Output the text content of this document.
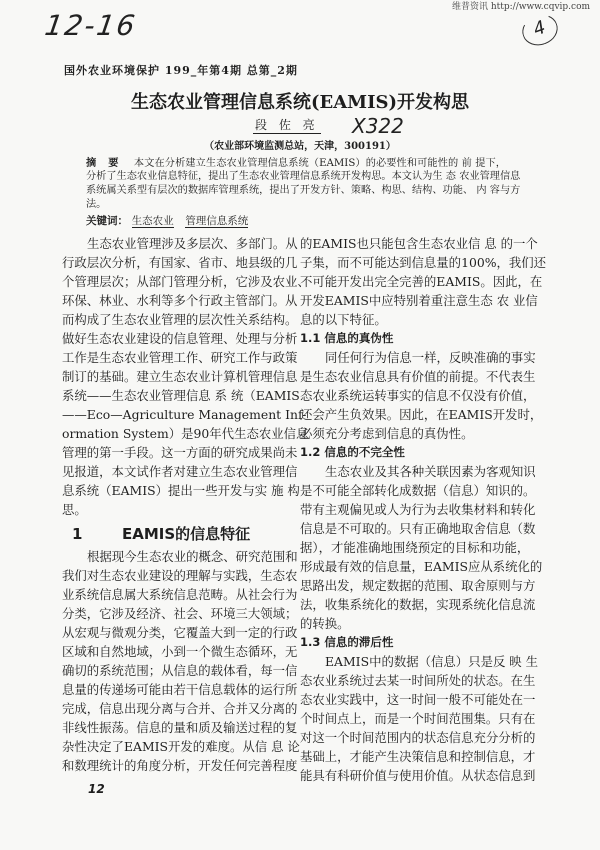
12-16
维普资讯 http://www.cqvip.com
4
国外农业环境保护 199_年第4期 总第_2期
生态农业管理信息系统(EAMIS)开发构思
段 佐 亮 X322
（农业部环境监测总站，天津，300191）
摘要 本文在分析建立生态农业管理信息系统（EAMIS）的必要性和可能性的 前 提下，
分析了生态农业信息特征，提出了生态农业管理信息系统开发构思。本文认为生 态 农业管理信息
系统属关系型有层次的数据库管理系统，提出了开发方针、策略、构思、结构、功能、 内 容与方
法。
关键词： 生态农业 管理信息系统
生态农业管理涉及多层次、多部门。从
行政层次分析，有国家、省市、地县级的几
个管理层次；从部门管理分析，它涉及农业、
环保、林业、水利等多个行政主管部门。从
而构成了生态农业管理的层次性关系结构。
做好生态农业建设的信息管理、处理与分析
工作是生态农业管理工作、研究工作与政策
制订的基础。建立生态农业计算机管理信息
系统——生态农业管理信息 系 统（EAMIS
——Eco—Agriculture Management Inf-
ormation System）是90年代生态农业信息
管理的第一手段。这一方面的研究成果尚未
见报道，本文试作者对建立生态农业管理信
息系统（EAMIS）提出一些开发与实 施 构
思。
1	EAMIS的信息特征
根据现今生态农业的概念、研究范围和
我们对生态农业建设的理解与实践，生态农
业系统信息属大系统信息范畴。从社会行为
分类，它涉及经济、社会、环境三大领域；
从宏观与微观分类，它覆盖大到一定的行政
区域和自然地域，小到一个微生态循环，无
确切的系统范围；从信息的载体看，每一信
息量的传递场可能由若干信息载体的运行所
完成，信息出现分离与合并、合并又分离的
非线性振荡。信息的量和质及输送过程的复
杂性决定了EAMIS开发的难度。从信 息 论
和数理统计的角度分析，开发任何完善程度
的EAMIS也只能包含生态农业信 息 的一个
子集，而不可能达到信息量的100%，我们还
不可能开发出完全完善的EAMIS。因此，在
开发EAMIS中应特别着重注意生态 农 业信
息的以下特征。
1.1 信息的真伪性
同任何行为信息一样，反映准确的事实
是生态农业信息具有价值的前提。不代表生
态农业系统运转事实的信息不仅没有价值，
还会产生负效果。因此，在EAMIS开发时，
必须充分考虑到信息的真伪性。
1.2 信息的不完全性
生态农业及其各种关联因素为客观知识
是不可能全部转化成数据（信息）知识的。
带有主观偏见或人为行为去收集材料和转化
信息是不可取的。只有正确地取舍信息（数
据），才能准确地围绕预定的目标和功能，
形成最有效的信息量，EAMIS应从系统化的
思路出发，规定数据的范围、取舍原则与方
法，收集系统化的数据，实现系统化信息流
的转换。
1.3 信息的滞后性
EAMIS中的数据（信息）只是反 映 生
态农业系统过去某一时间所处的状态。在生
态农业实践中，这一时间一般不可能处在一
个时间点上，而是一个时间范围集。只有在
对这一个时间范围内的状态信息充分分析的
基础上，才能产生决策信息和控制信息，才
能具有科研价值与使用价值。从状态信息到
12
